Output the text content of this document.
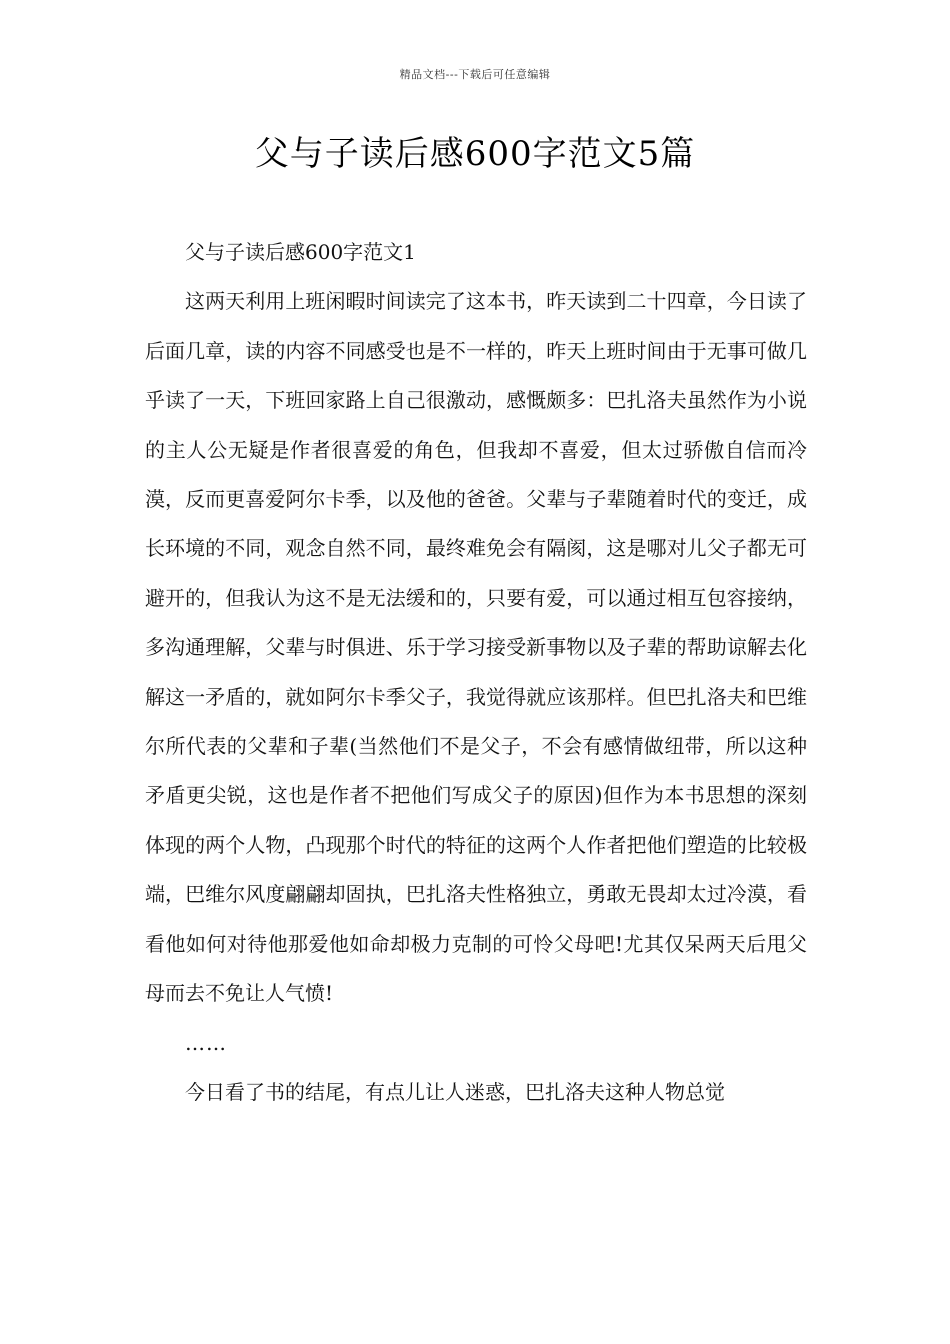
精品文档---下载后可任意编辑
父与子读后感600字范文5篇

父与子读后感600字范文1

这两天利用上班闲暇时间读完了这本书，昨天读到二十四章，今日读了后面几章，读的内容不同感受也是不一样的，昨天上班时间由于无事可做几乎读了一天，下班回家路上自己很激动，感慨颇多：巴扎洛夫虽然作为小说的主人公无疑是作者很喜爱的角色，但我却不喜爱，但太过骄傲自信而冷漠，反而更喜爱阿尔卡季，以及他的爸爸。父辈与子辈随着时代的变迁，成长环境的不同，观念自然不同，最终难免会有隔阂，这是哪对儿父子都无可避开的，但我认为这不是无法缓和的，只要有爱，可以通过相互包容接纳，多沟通理解，父辈与时俱进、乐于学习接受新事物以及子辈的帮助谅解去化解这一矛盾的，就如阿尔卡季父子，我觉得就应该那样。但巴扎洛夫和巴维尔所代表的父辈和子辈(当然他们不是父子，不会有感情做纽带，所以这种矛盾更尖锐，这也是作者不把他们写成父子的原因)但作为本书思想的深刻体现的两个人物，凸现那个时代的特征的这两个人作者把他们塑造的比较极端，巴维尔风度翩翩却固执，巴扎洛夫性格独立，勇敢无畏却太过冷漠，看看他如何对待他那爱他如命却极力克制的可怜父母吧!尤其仅呆两天后甩父母而去不免让人气愤!

……

今日看了书的结尾，有点儿让人迷惑，巴扎洛夫这种人物总觉
